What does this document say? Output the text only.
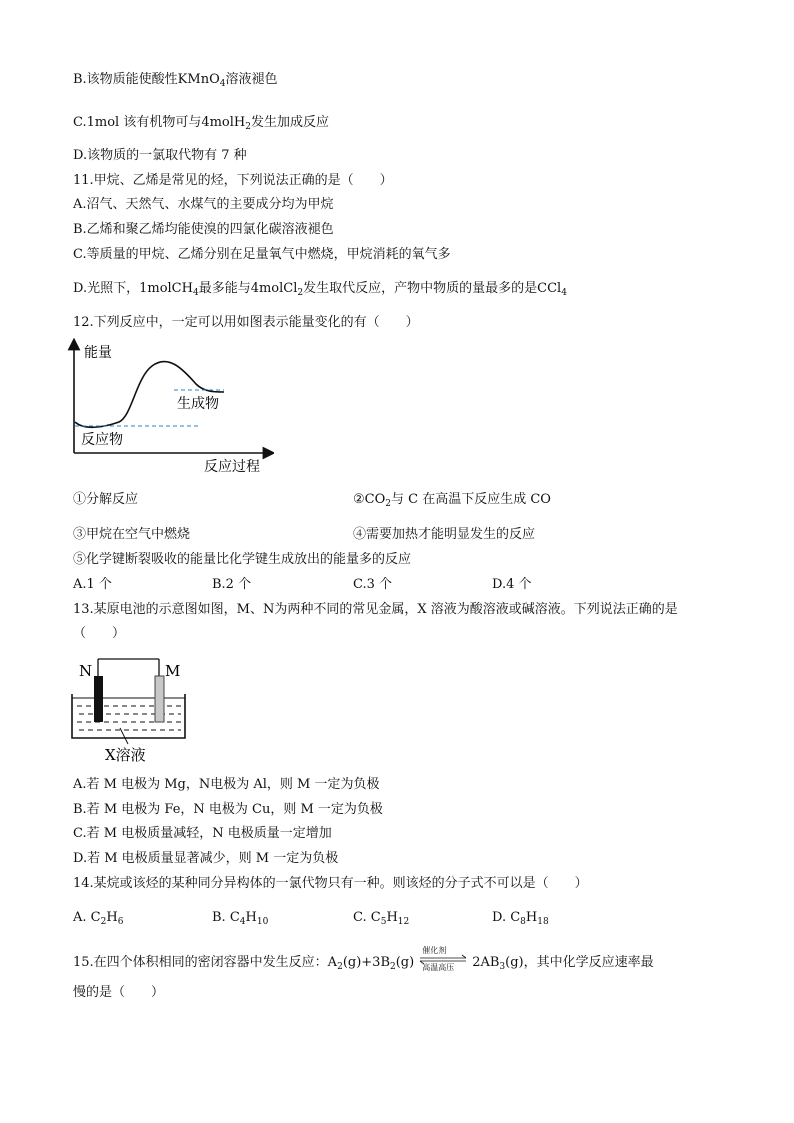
B.该物质能使酸性KMnO$_4$溶液褪色
C.1mol 该有机物可与4molH$_2$发生加成反应
D.该物质的一氯取代物有 7 种
11.甲烷、乙烯是常见的烃，下列说法正确的是（　　）
A.沼气、天然气、水煤气的主要成分均为甲烷
B.乙烯和聚乙烯均能使溴的四氯化碳溶液褪色
C.等质量的甲烷、乙烯分别在足量氧气中燃烧，甲烷消耗的氧气多
D.光照下，1molCH$_4$最多能与4molCl$_2$发生取代反应，产物中物质的量最多的是CCl$_4$
12.下列反应中，一定可以用如图表示能量变化的有（　　）
能量
生成物
反应物
反应过程
①分解反应	$②CO_2$与 C 在高温下反应生成 CO
③甲烷在空气中燃烧	④需要加热才能明显发生的反应
⑤化学键断裂吸收的能量比化学键生成放出的能量多的反应
A.1 个	B.2 个	C.3 个	D.4 个
13.某原电池的示意图如图，M、N为两种不同的常见金属，X 溶液为酸溶液或碱溶液。下列说法正确的是
（　　）
N	M
X溶液
A.若 M 电极为 Mg，N电极为 Al，则 M 一定为负极
B.若 M 电极为 Fe，N 电极为 Cu，则 M 一定为负极
C.若 M 电极质量减轻，N 电极质量一定增加
D.若 M 电极质量显著减少，则 M 一定为负极
14.某烷或该烃的某种同分异构体的一氯代物只有一种。则该烃的分子式不可以是（　　）
A. $C_2H_6$	B. $C_4H_{10}$	C. $C_5H_{12}$	D. $C_8H_{18}$
15.在四个体积相同的密闭容器中发生反应：$A_2(g)+3B_2(g)$
催化剂
高温高压 $2AB_3(g)$，其中化学反应速率最
慢的是（　　）
